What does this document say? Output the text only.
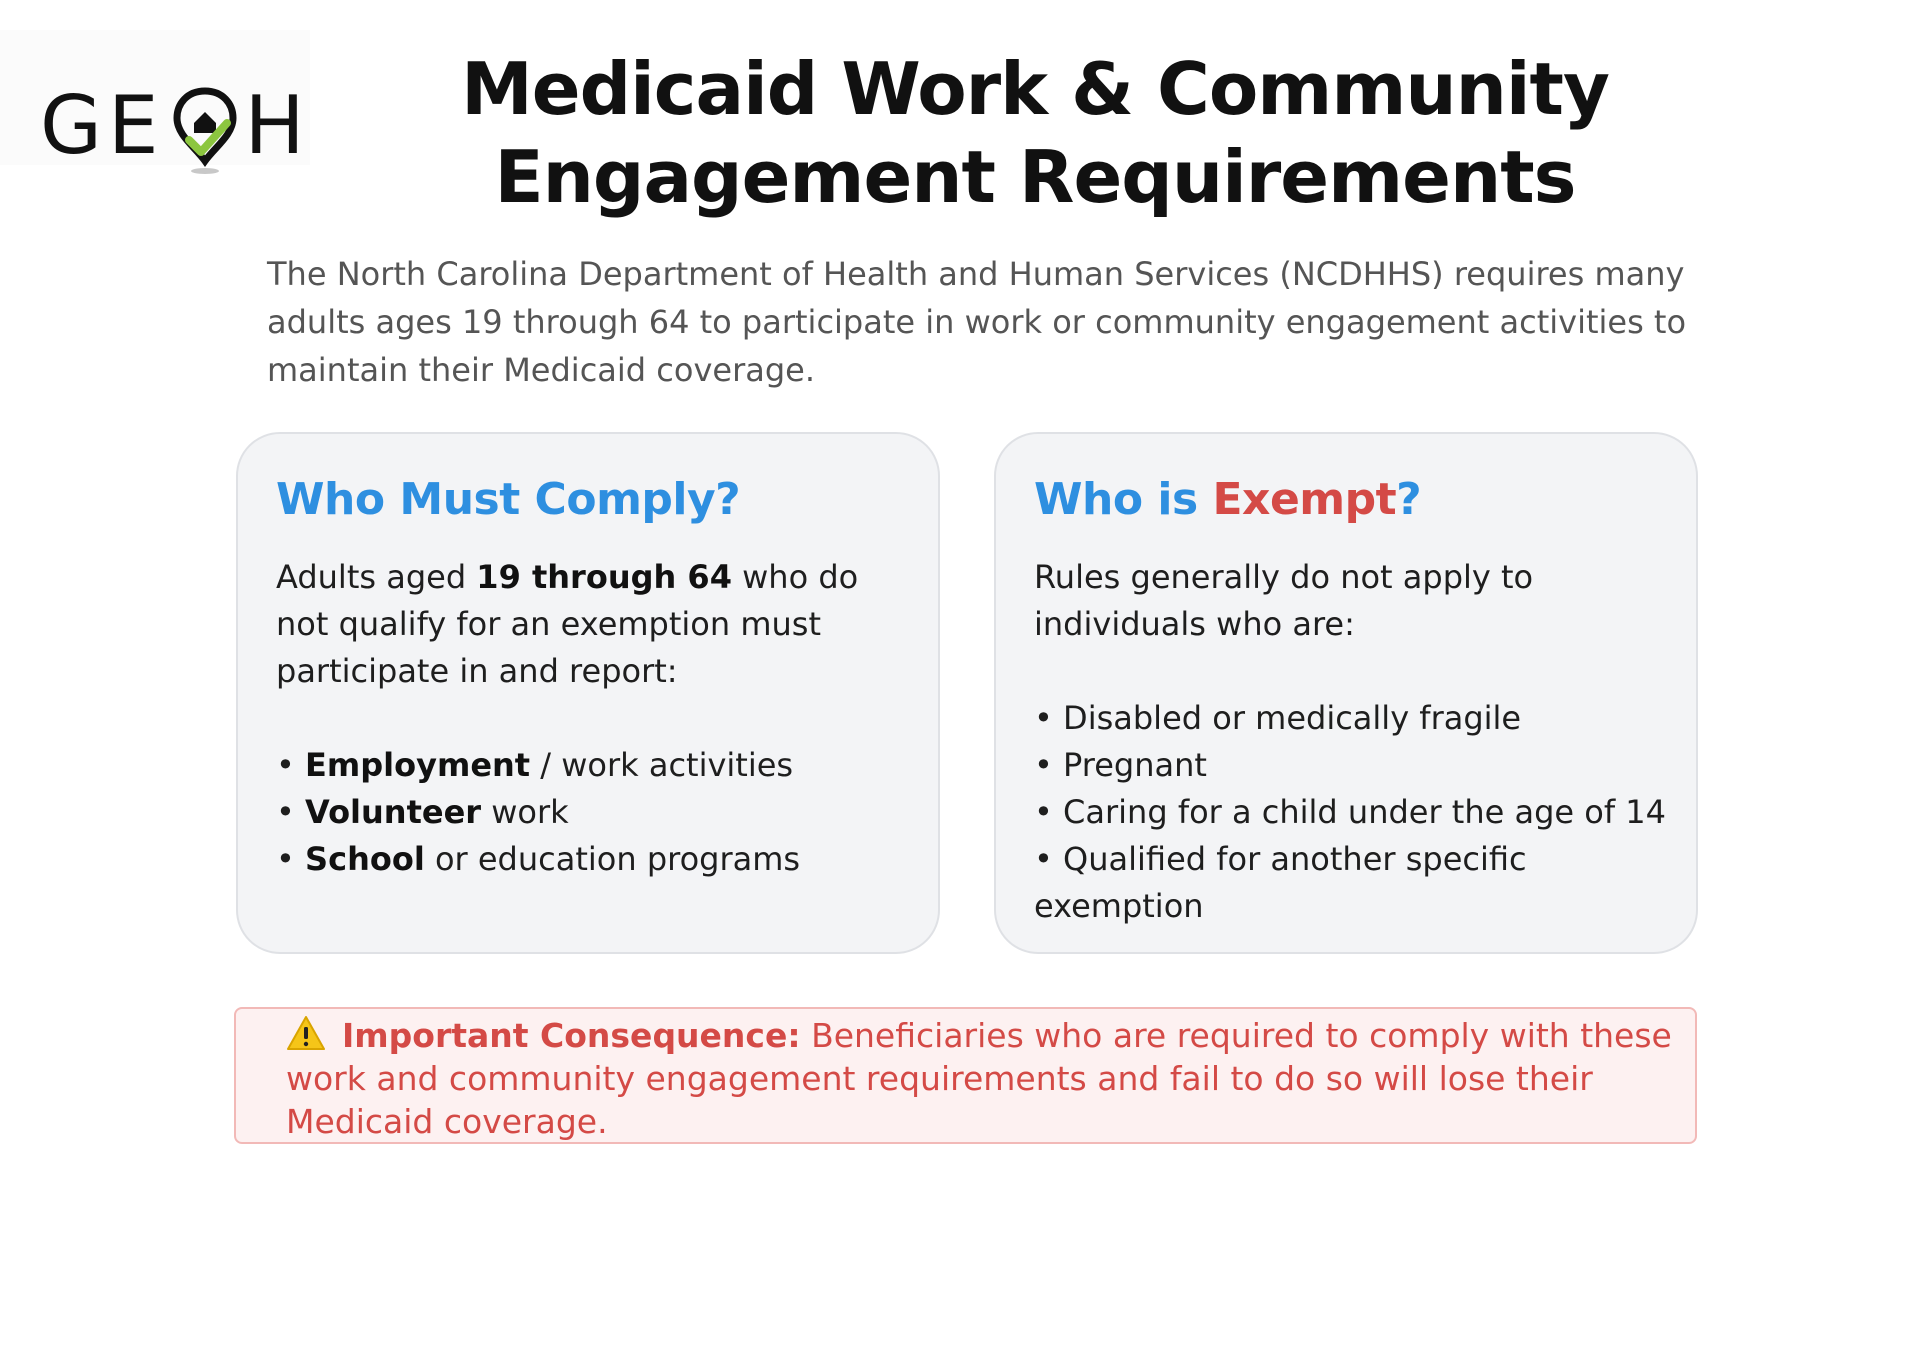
GE H	Medicaid Work & Community Engagement Requirements

The North Carolina Department of Health and Human Services (NCDHHS) requires many adults ages 19 through 64 to participate in work or community engagement activities to maintain their Medicaid coverage.

Who Must Comply?

Adults aged 19 through 64 who do not qualify for an exemption must participate in and report:

• Employment / work activities
• Volunteer work
• School or education programs
Who is Exempt?

Rules generally do not apply to individuals who are:

• Disabled or medically fragile
• Pregnant
• Caring for a child under the age of 14
• Qualified for another specific exemption

Important Consequence: Beneficiaries who are required to comply with these work and community engagement requirements and fail to do so will lose their Medicaid coverage.
